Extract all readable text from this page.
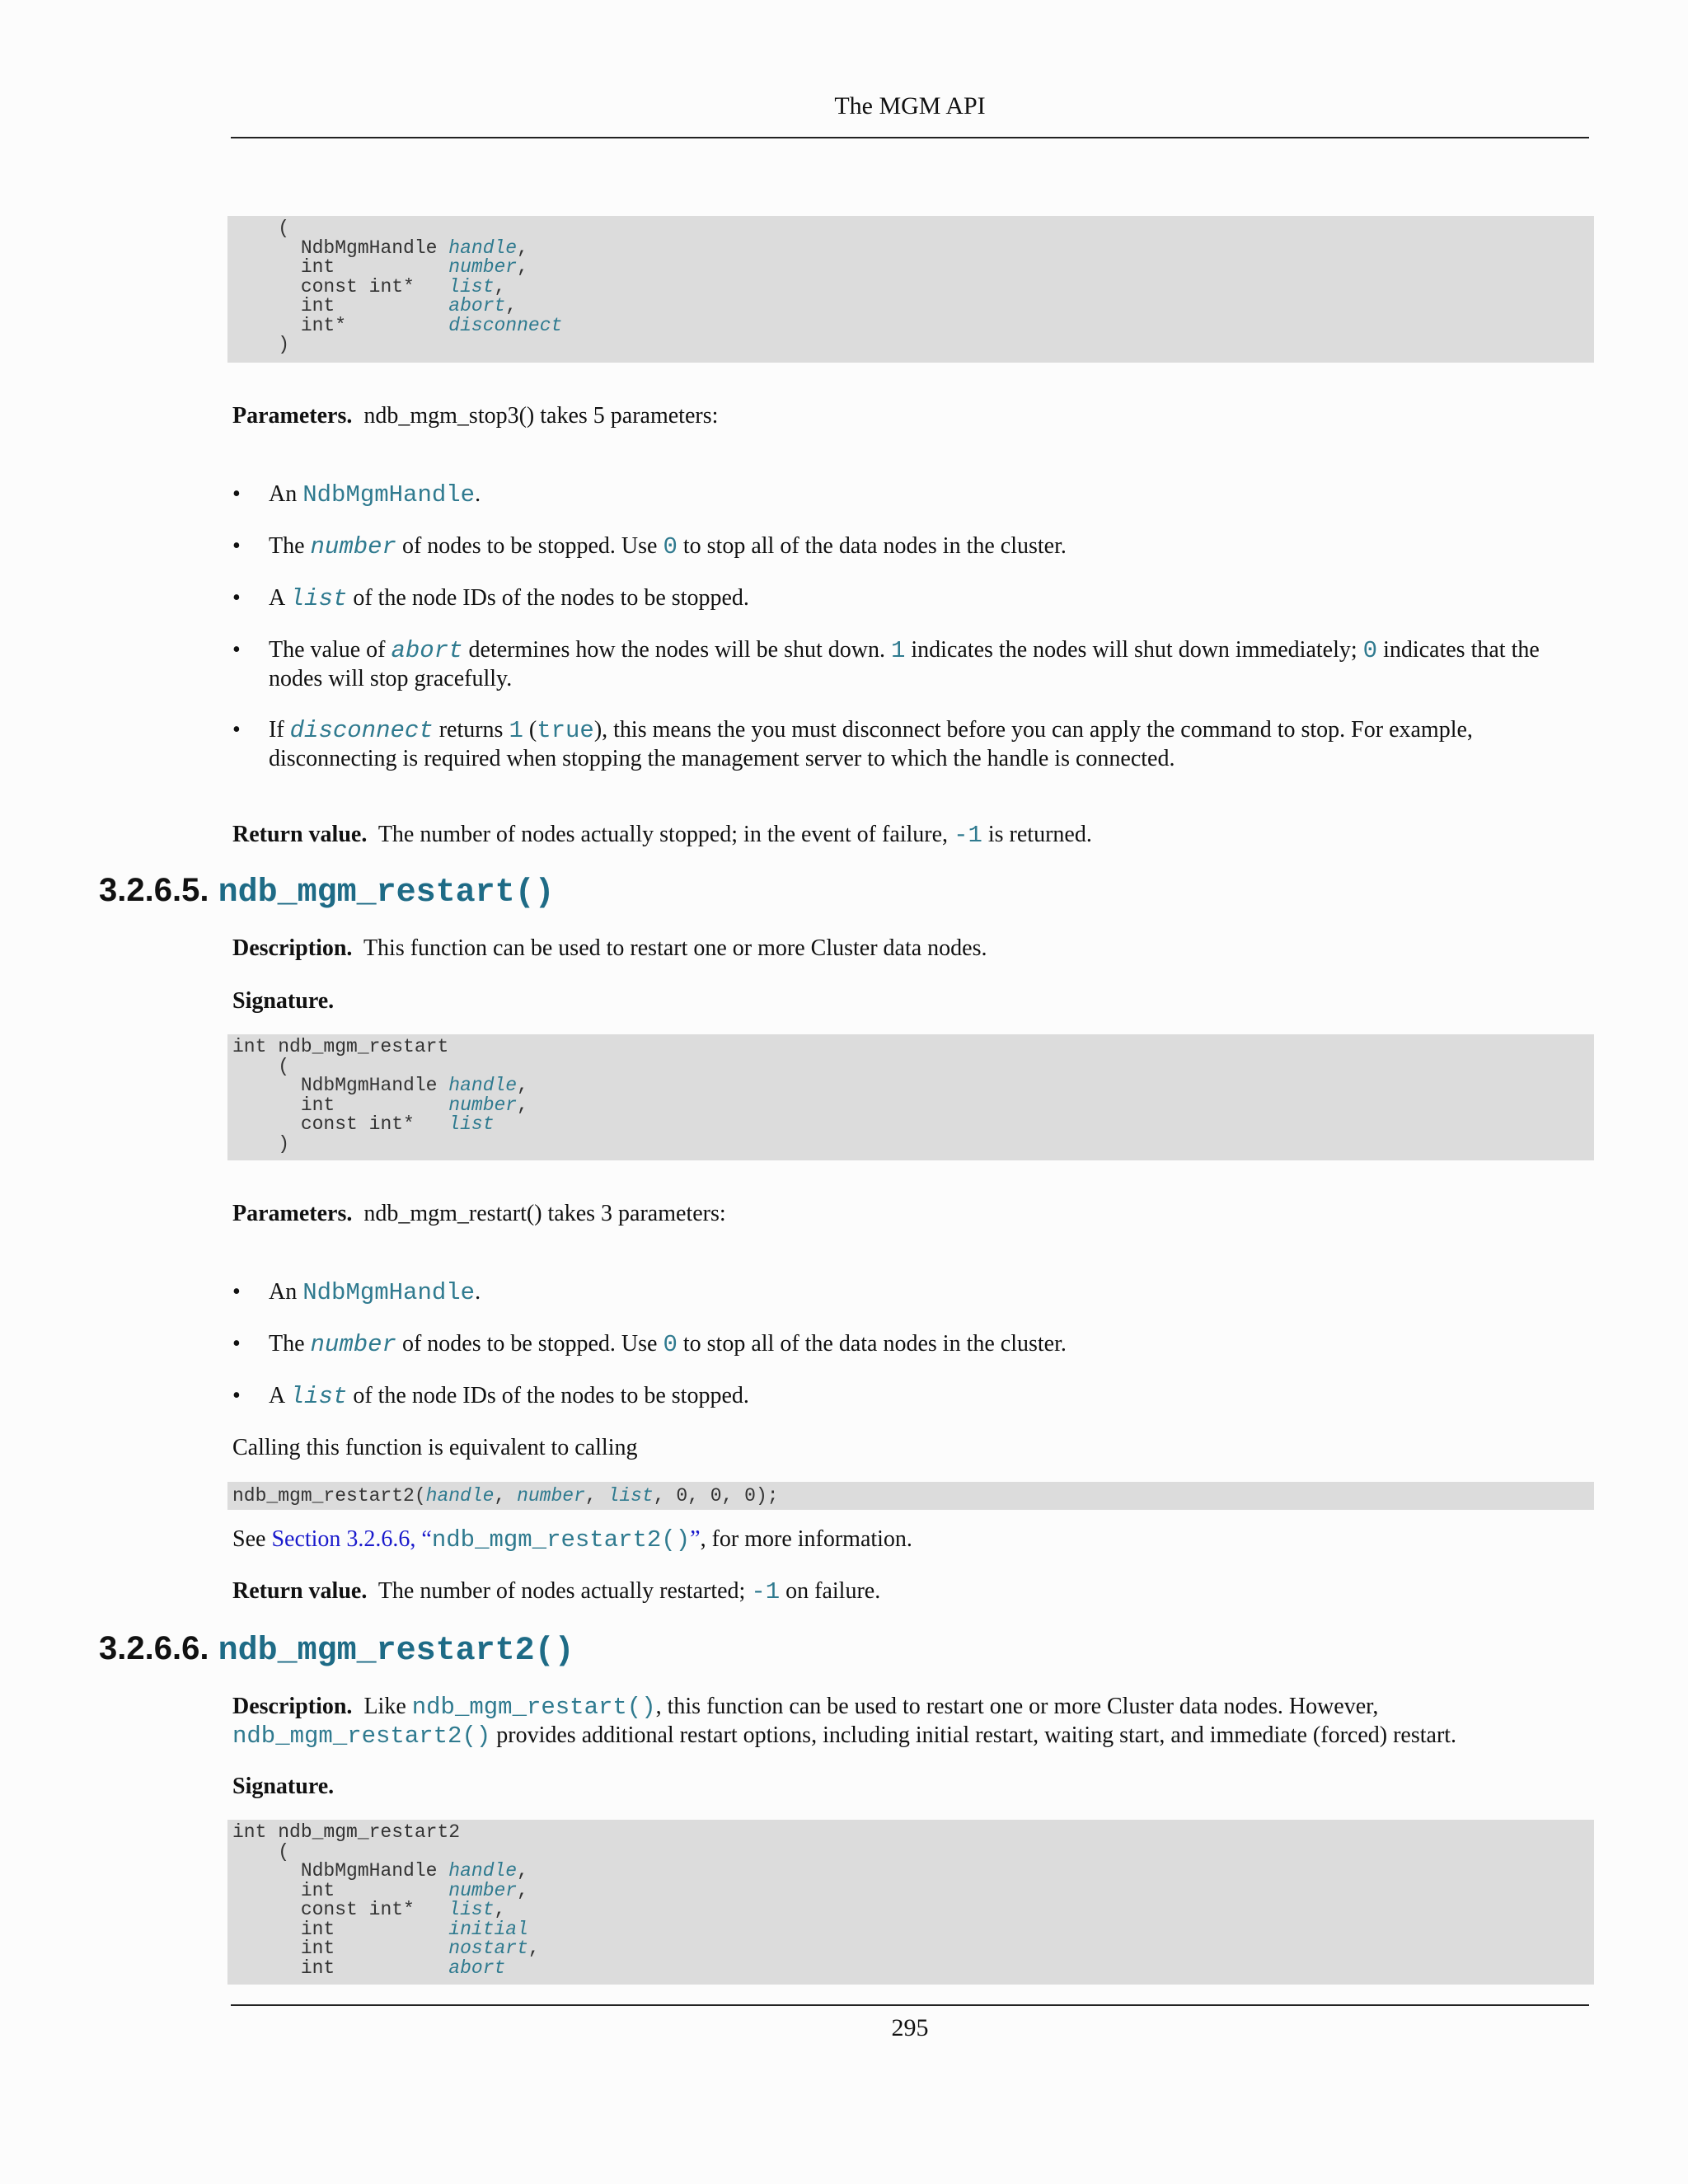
The MGM API
(
NdbMgmHandle handle,
int	number,
const int* list,
int	abort,
int*	disconnect
)
Parameters. ndb_mgm_stop3() takes 5 parameters:
• An NdbMgmHandle.
• The number of nodes to be stopped. Use 0 to stop all of the data nodes in the cluster.
• A list of the node IDs of the nodes to be stopped.
• The value of abort determines how the nodes will be shut down. 1 indicates the nodes will shut down immediately; 0 indicates that the nodes will stop gracefully.
• If disconnect returns 1 (true), this means the you must disconnect before you can apply the command to stop. For example, disconnecting is required when stopping the management server to which the handle is connected.
Return value. The number of nodes actually stopped; in the event of failure, -1 is returned.
3.2.6.5. ndb_mgm_restart()
Description. This function can be used to restart one or more Cluster data nodes.
Signature.
int ndb_mgm_restart
(
NdbMgmHandle handle,
int	number,
const int* list
)
Parameters. ndb_mgm_restart() takes 3 parameters:
• An NdbMgmHandle.
• The number of nodes to be stopped. Use 0 to stop all of the data nodes in the cluster.
• A list of the node IDs of the nodes to be stopped.
Calling this function is equivalent to calling
ndb_mgm_restart2(handle, number, list, 0, 0, 0);
See Section 3.2.6.6, “ndb_mgm_restart2()”, for more information.
Return value. The number of nodes actually restarted; -1 on failure.
3.2.6.6. ndb_mgm_restart2()
Description. Like ndb_mgm_restart(), this function can be used to restart one or more Cluster data nodes. However, ndb_mgm_restart2() provides additional restart options, including initial restart, waiting start, and immediate (forced) restart.
Signature.
int ndb_mgm_restart2
(
NdbMgmHandle handle,
int	number,
const int* list,
int	initial
int	nostart,
int	abort
295
